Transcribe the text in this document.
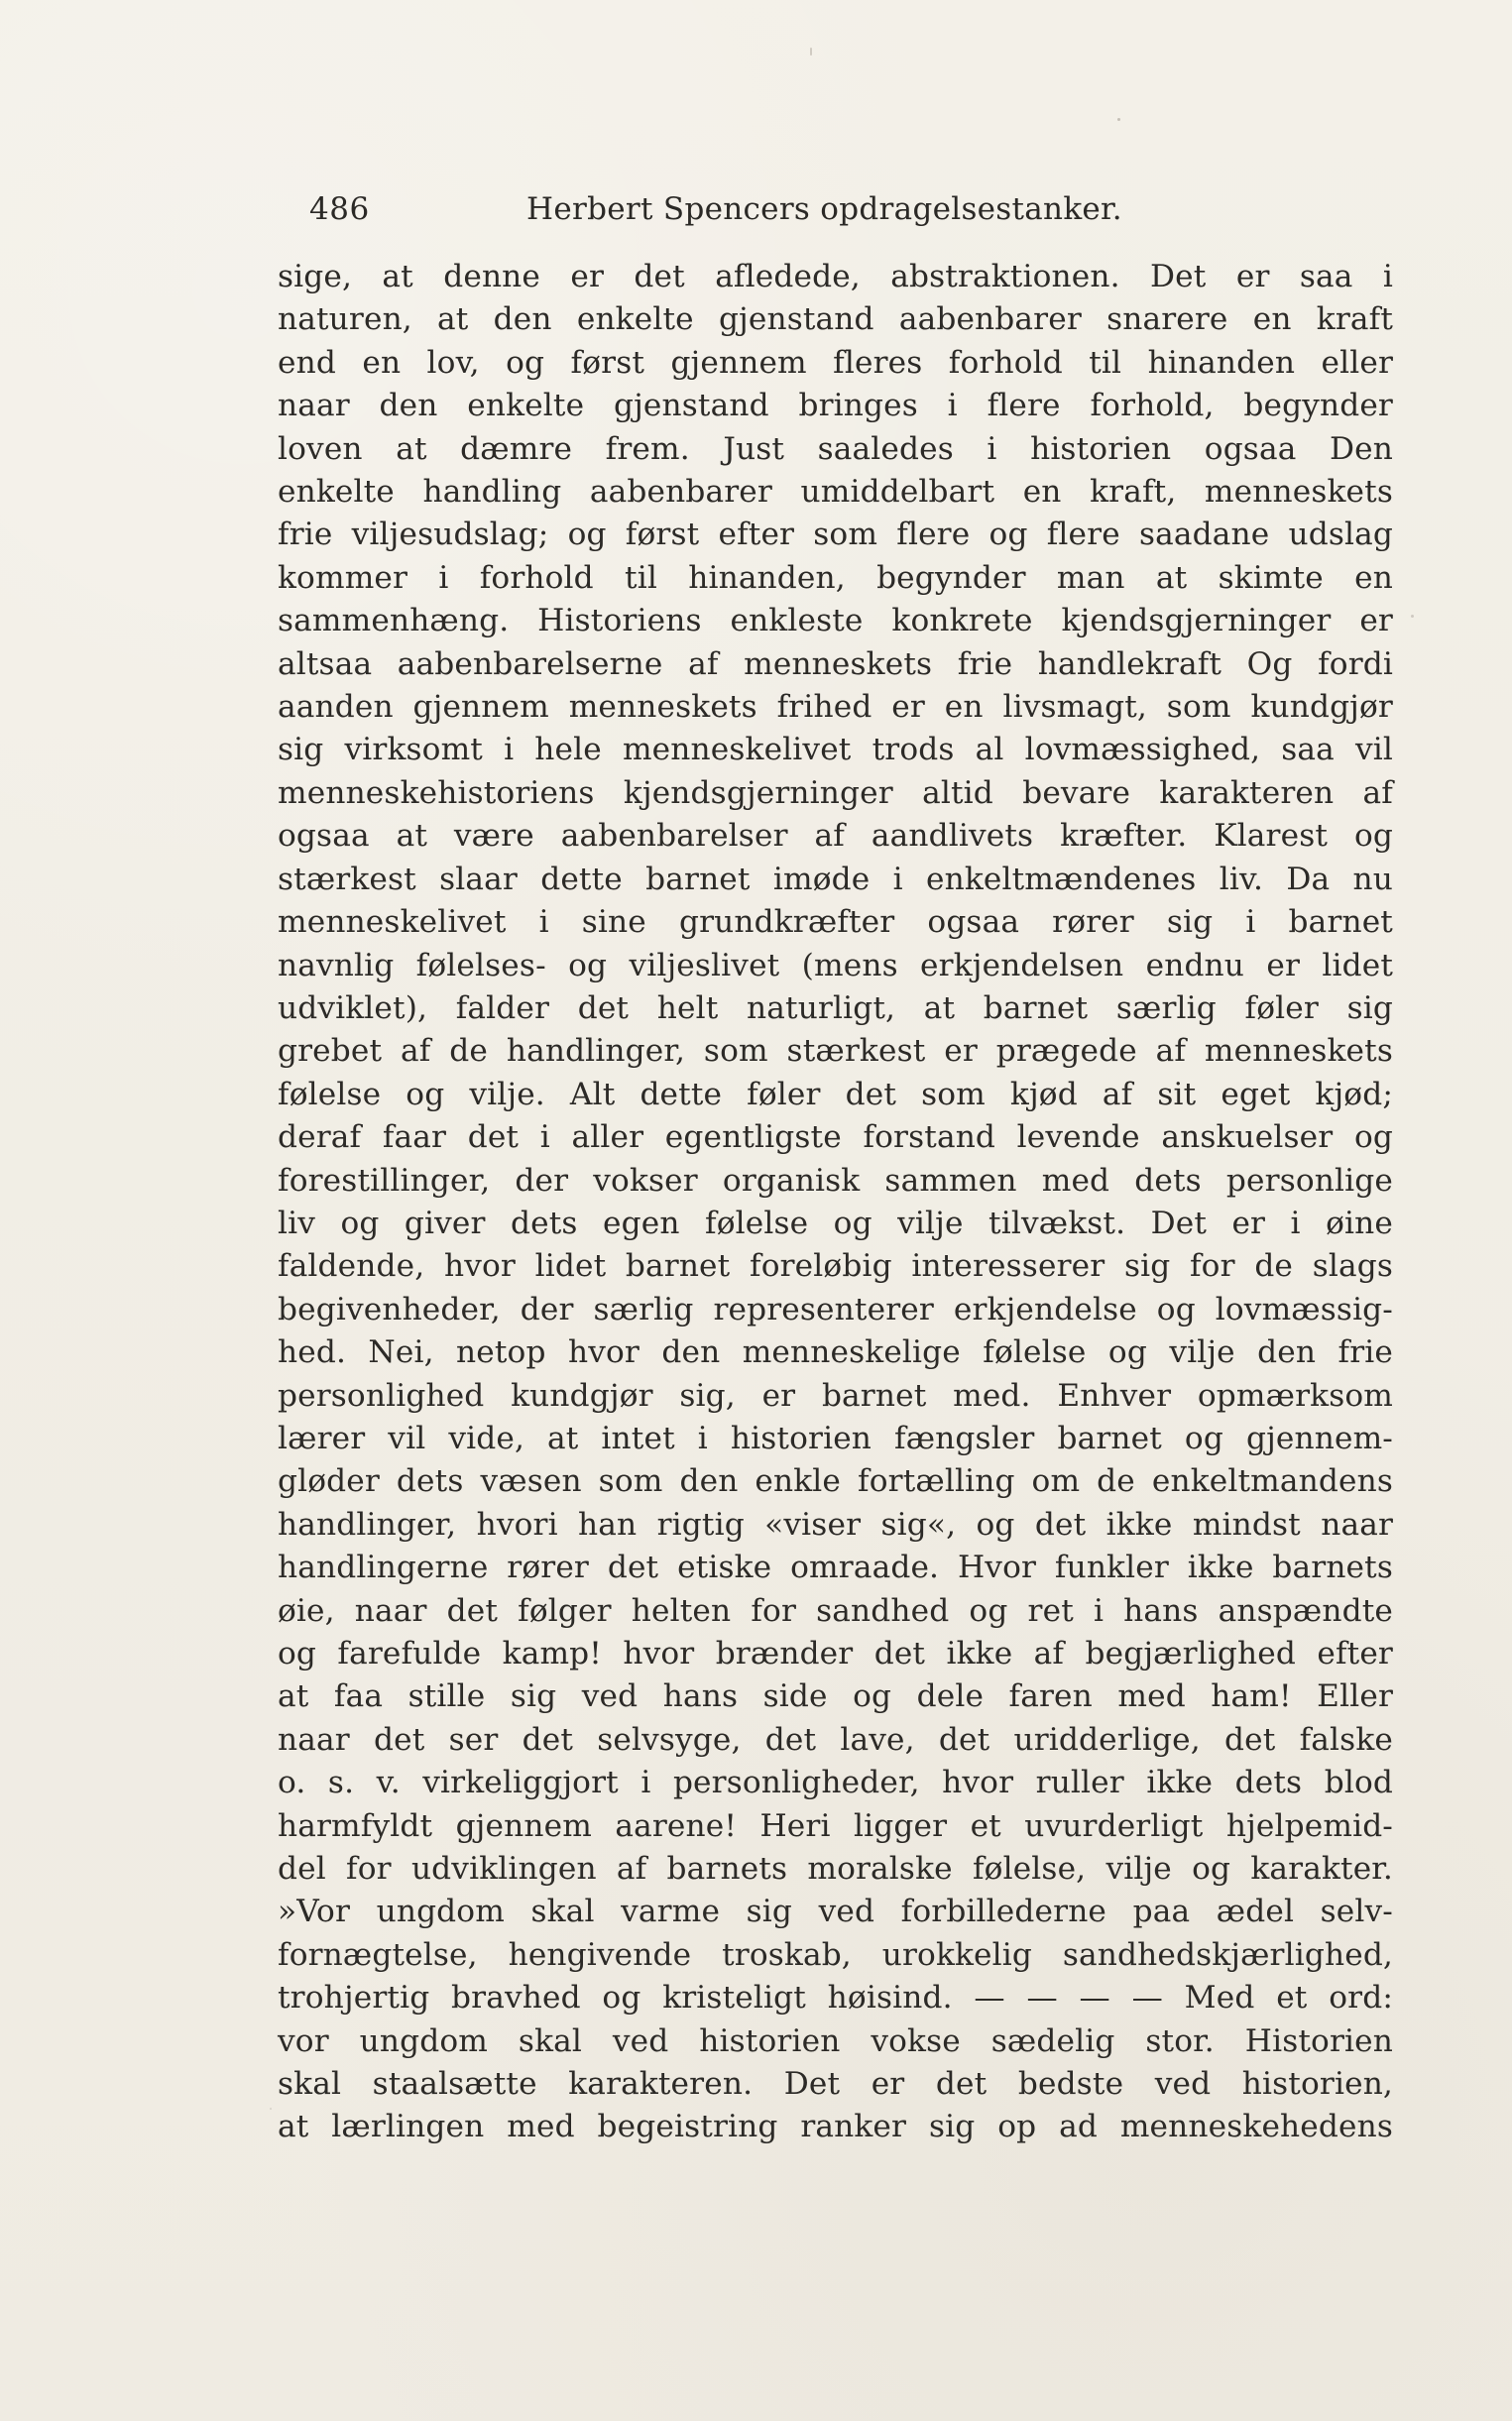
486	Herbert Spencers opdragelsestanker.
sige, at denne er det afledede, abstraktionen. Det er saa i
naturen, at den enkelte gjenstand aabenbarer snarere en kraft
end en lov, og først gjennem fleres forhold til hinanden eller
naar den enkelte gjenstand bringes i flere forhold, begynder
loven at dæmre frem. Just saaledes i historien ogsaa Den
enkelte handling aabenbarer umiddelbart en kraft, menneskets
frie viljesudslag; og først efter som flere og flere saadane udslag
kommer i forhold til hinanden, begynder man at skimte en
sammenhæng. Historiens enkleste konkrete kjendsgjerninger er
altsaa aabenbarelserne af menneskets frie handlekraft Og fordi
aanden gjennem menneskets frihed er en livsmagt, som kundgjør
sig virksomt i hele menneskelivet trods al lovmæssighed, saa vil
menneskehistoriens kjendsgjerninger altid bevare karakteren af
ogsaa at være aabenbarelser af aandlivets kræfter. Klarest og
stærkest slaar dette barnet imøde i enkeltmændenes liv. Da nu
menneskelivet i sine grundkræfter ogsaa rører sig i barnet
navnlig følelses- og viljeslivet (mens erkjendelsen endnu er lidet
udviklet), falder det helt naturligt, at barnet særlig føler sig
grebet af de handlinger, som stærkest er prægede af menneskets
følelse og vilje. Alt dette føler det som kjød af sit eget kjød;
deraf faar det i aller egentligste forstand levende anskuelser og
forestillinger, der vokser organisk sammen med dets personlige
liv og giver dets egen følelse og vilje tilvækst. Det er i øine
faldende, hvor lidet barnet foreløbig interesserer sig for de slags
begivenheder, der særlig representerer erkjendelse og lovmæssig-
hed. Nei, netop hvor den menneskelige følelse og vilje den frie
personlighed kundgjør sig, er barnet med. Enhver opmærksom
lærer vil vide, at intet i historien fængsler barnet og gjennem-
gløder dets væsen som den enkle fortælling om de enkeltmandens
handlinger, hvori han rigtig «viser sig«, og det ikke mindst naar
handlingerne rører det etiske omraade. Hvor funkler ikke barnets
øie, naar det følger helten for sandhed og ret i hans anspændte
og farefulde kamp! hvor brænder det ikke af begjærlighed efter
at faa stille sig ved hans side og dele faren med ham! Eller
naar det ser det selvsyge, det lave, det uridderlige, det falske
o. s. v. virkeliggjort i personligheder, hvor ruller ikke dets blod
harmfyldt gjennem aarene! Heri ligger et uvurderligt hjelpemid-
del for udviklingen af barnets moralske følelse, vilje og karakter.
»Vor ungdom skal varme sig ved forbillederne paa ædel selv-
fornægtelse, hengivende troskab, urokkelig sandhedskjærlighed,
trohjertig bravhed og kristeligt høisind. — — — — Med et ord:
vor ungdom skal ved historien vokse sædelig stor. Historien
skal staalsætte karakteren. Det er det bedste ved historien,
at lærlingen med begeistring ranker sig op ad menneskehedens
